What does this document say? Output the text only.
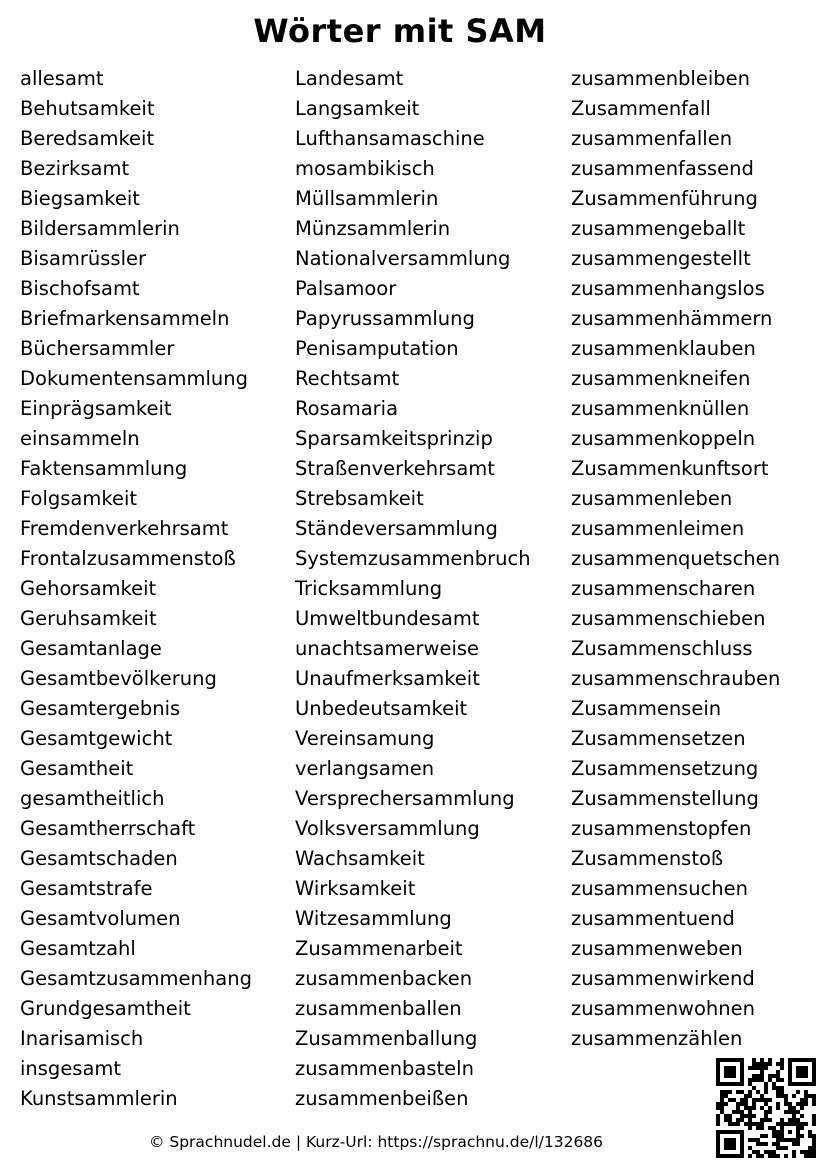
Wörter mit SAM
allesamt
Behutsamkeit
Beredsamkeit
Bezirksamt
Biegsamkeit
Bildersammlerin
Bisamrüssler
Bischofsamt
Briefmarkensammeln
Büchersammler
Dokumentensammlung
Einprägsamkeit
einsammeln
Faktensammlung
Folgsamkeit
Fremdenverkehrsamt
Frontalzusammenstoß
Gehorsamkeit
Geruhsamkeit
Gesamtanlage
Gesamtbevölkerung
Gesamtergebnis
Gesamtgewicht
Gesamtheit
gesamtheitlich
Gesamtherrschaft
Gesamtschaden
Gesamtstrafe
Gesamtvolumen
Gesamtzahl
Gesamtzusammenhang
Grundgesamtheit
Inarisamisch
insgesamt
Kunstsammlerin
Landesamt
Langsamkeit
Lufthansamaschine
mosambikisch
Müllsammlerin
Münzsammlerin
Nationalversammlung
Palsamoor
Papyrussammlung
Penisamputation
Rechtsamt
Rosamaria
Sparsamkeitsprinzip
Straßenverkehrsamt
Strebsamkeit
Ständeversammlung
Systemzusammenbruch
Tricksammlung
Umweltbundesamt
unachtsamerweise
Unaufmerksamkeit
Unbedeutsamkeit
Vereinsamung
verlangsamen
Versprechersammlung
Volksversammlung
Wachsamkeit
Wirksamkeit
Witzesammlung
Zusammenarbeit
zusammenbacken
zusammenballen
Zusammenballung
zusammenbasteln
zusammenbeißen
zusammenbleiben
Zusammenfall
zusammenfallen
zusammenfassend
Zusammenführung
zusammengeballt
zusammengestellt
zusammenhangslos
zusammenhämmern
zusammenklauben
zusammenkneifen
zusammenknüllen
zusammenkoppeln
Zusammenkunftsort
zusammenleben
zusammenleimen
zusammenquetschen
zusammenscharen
zusammenschieben
Zusammenschluss
zusammenschrauben
Zusammensein
Zusammensetzen
Zusammensetzung
Zusammenstellung
zusammenstopfen
Zusammenstoß
zusammensuchen
zusammentuend
zusammenweben
zusammenwirkend
zusammenwohnen
zusammenzählen
© Sprachnudel.de | Kurz-Url: https://sprachnu.de/l/132686
